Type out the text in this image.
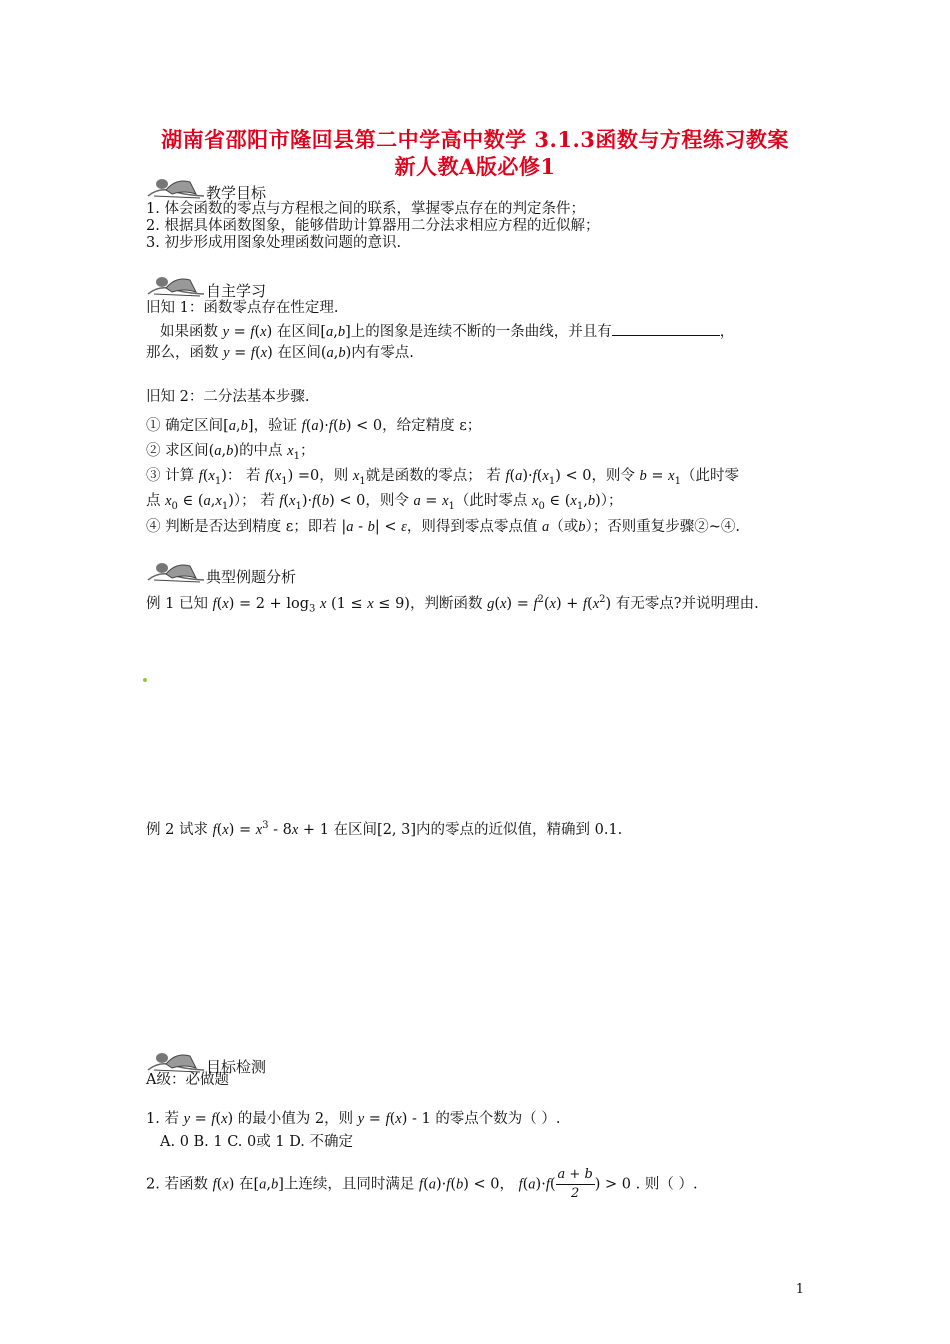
湖南省邵阳市隆回县第二中学高中数学 3.1.3函数与方程练习教案
新人教A版必修1
教学目标
1. 体会函数的零点与方程根之间的联系，掌握零点存在的判定条件；
2. 根据具体函数图象，能够借助计算器用二分法求相应方程的近似解；
3. 初步形成用图象处理函数问题的意识.
自主学习
旧知 1：函数零点存在性定理.
如果函数 y = f(x) 在区间[a,b]上的图象是连续不断的一条曲线，并且有	，
那么，函数 y = f(x) 在区间(a,b)内有零点.
旧知 2：二分法基本步骤.
① 确定区间[a,b]，验证 f(a)·f(b) < 0，给定精度 ε；
② 求区间(a,b)的中点 $x_1$；
③ 计算 $f(x_1)$： 若 $f(x_1) =0$，则 $x_1$就是函数的零点； 若 $f(a)\cdot f(x_1) < 0$，则令 $b = x_1$（此时零
点 $x_0$ ∈ $(a,x_1)$）； 若 $f(x_1)\cdot f(b) < 0$，则令 $a = x_1$（此时零点 $x_0$ ∈ $(x_1,b)$）；
④ 判断是否达到精度 ε；即若 |a - b| < ε，则得到零点零点值 a（或b）；否则重复步骤②~④.
典型例题分析
例 1 已知 $f(x) = 2 + \log_3 x$ (1 ≤ x ≤ 9)，判断函数 $g(x) = f^2(x) + f(x^2)$ 有无零点?并说明理由.
例 2 试求 $f(x) = x^3 - 8x + 1$ 在区间[2, 3]内的零点的近似值，精确到 0.1.
目标检测
A级：必做题
1. 若 y = f(x) 的最小值为 2，则 y = f(x) - 1 的零点个数为（ ）.
A. 0 B. 1 C. 0或 1 D. 不确定
2. 若函数 f(x) 在[a,b]上连续，且同时满足 f(a)·f(b) < 0， $f(a)\cdot f( \frac{a + b}{2}$ ) > 0 . 则（ ）.
1
